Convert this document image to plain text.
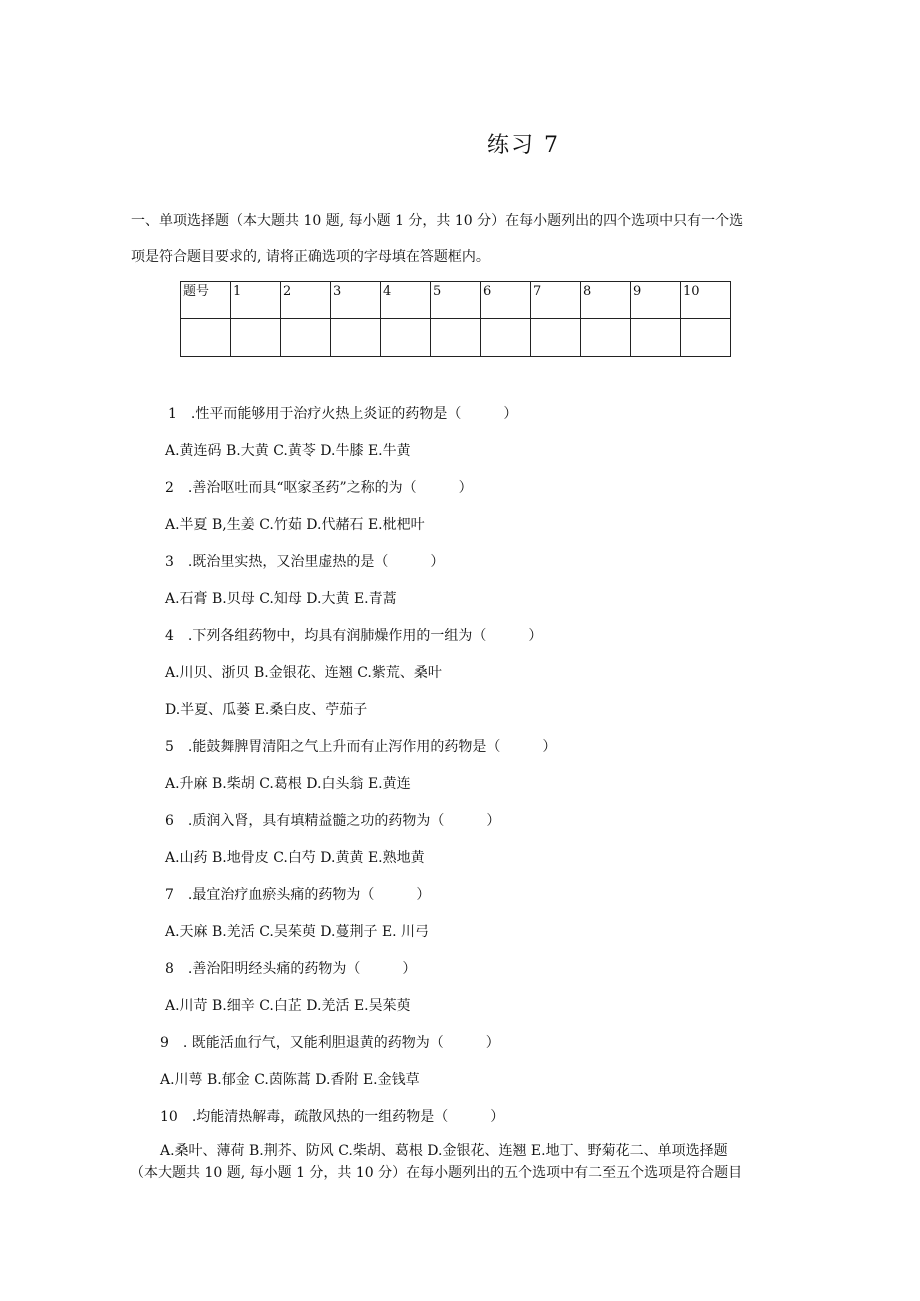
练习 7

一、单项选择题（本大题共 10 题, 每小题 1 分，共 10 分）在每小题列出的四个选项中只有一个选

项是符合题目要求的, 请将正确选项的字母填在答题框内。

题号	1	2	3	4	5	6	7	8	9	10

1　.性平而能够用于治疗火热上炎证的药物是（　　　）
A.黄连码 B.大黄 C.黄苓 D.牛膝 E.牛黄
2　.善治呕吐而具“呕家圣药”之称的为（　　　）
A.半夏 B,生姜 C.竹茹 D.代赭石 E.枇杷叶
3　.既治里实热，又治里虚热的是（　　　）
A.石膏 B.贝母 C.知母 D.大黄 E.青蒿
4　.下列各组药物中，均具有润肺燥作用的一组为（　　　）
A.川贝、浙贝 B.金银花、连翘 C.紫荒、桑叶
D.半夏、瓜蒌 E.桑白皮、苧茄子
5　.能鼓舞脾胃清阳之气上升而有止泻作用的药物是（　　　）
A.升麻 B.柴胡 C.葛根 D.白头翁 E.黄连
6　.质润入肾，具有填精益髓之功的药物为（　　　）
A.山药 B.地骨皮 C.白芍 D.黄黄 E.熟地黄
7　.最宜治疗血瘀头痛的药物为（　　　）
A.天麻 B.羌活 C.吴茱萸 D.蔓荆子 E. 川弓
8　.善治阳明经头痛的药物为（　　　）
A.川苛 B.细辛 C.白芷 D.羌活 E.吴茱萸
9　. 既能活血行气，又能利胆退黄的药物为（　　　）
A.川萼 B.郁金 C.茵陈蒿 D.香附 E.金钱草
10　.均能清热解毒，疏散风热的一组药物是（　　　）

A.桑叶、薄荷 B.荆芥、防风 C.柴胡、葛根 D.金银花、连翘 E.地丁、野菊花二、单项选择题

（本大题共 10 题, 每小题 1 分，共 10 分）在每小题列出的五个选项中有二至五个选项是符合题目
